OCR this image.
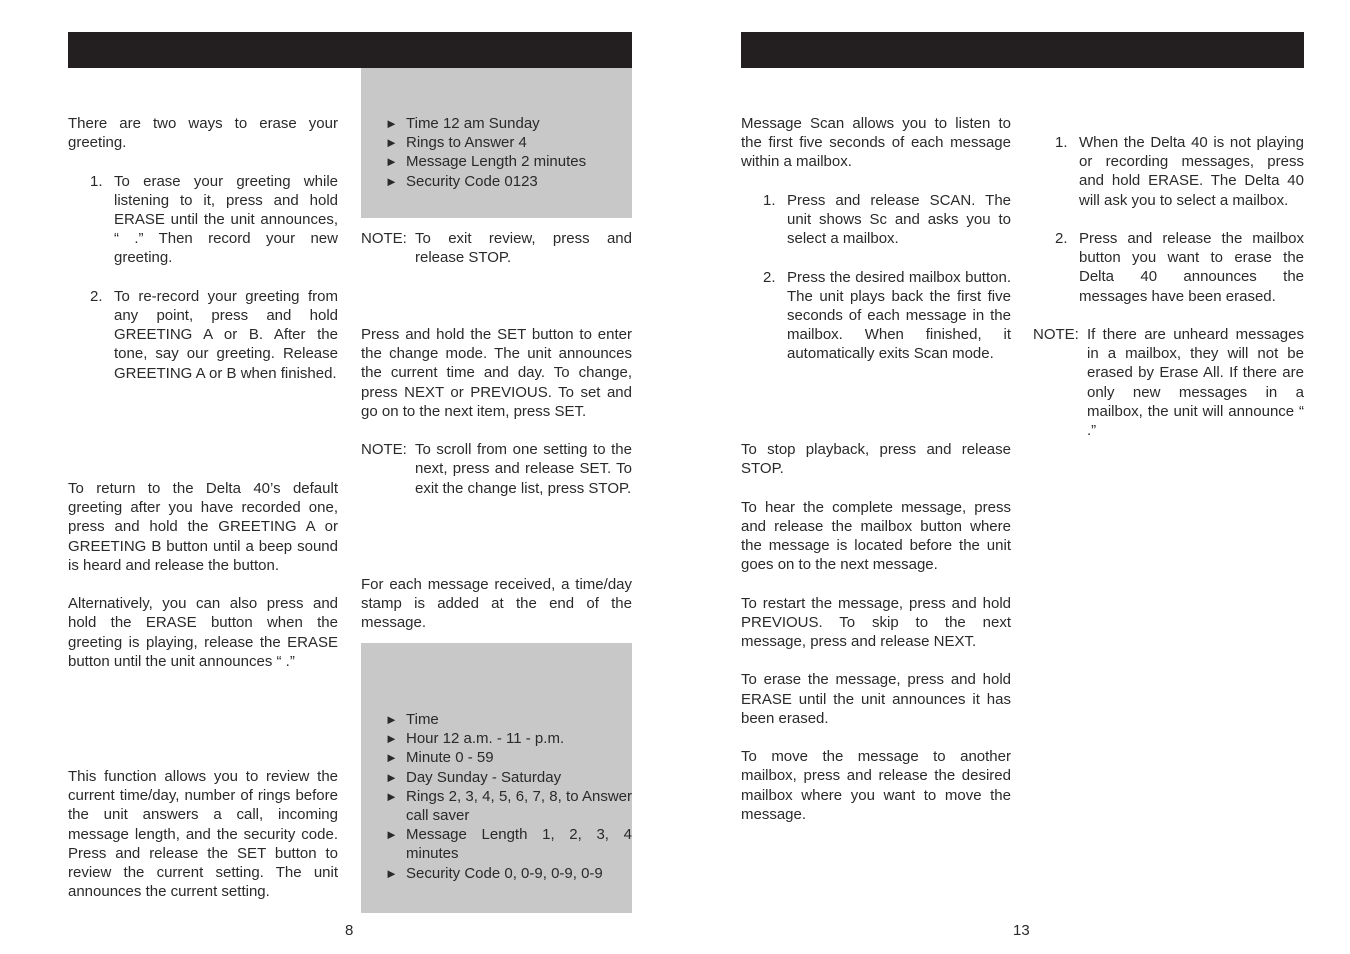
There are two ways to erase your greeting.

1. To erase your greeting while listening to it, press and hold ERASE until the unit announces, “ .” Then record your new greeting.
2. To re-record your greeting from any point, press and hold GREETING A or B. After the tone, say our greeting. Release GREETING A or B when finished.

To return to the Delta 40’s default greeting after you have recorded one, press and hold the GREETING A or GREETING B button until a beep sound is heard and release the button.

Alternatively, you can also press and hold the ERASE button when the greeting is playing, release the ERASE button until the unit announces “ .”

This function allows you to review the current time/day, number of rings before the unit answers a call, incoming message length, and the security code. Press and release the SET button to review the current setting. The unit announces the current setting.

► Time 12 am Sunday
► Rings to Answer 4
► Message Length 2 minutes
► Security Code 0123
NOTE: To exit review, press and release STOP.

Press and hold the SET button to enter the change mode. The unit announces the current time and day. To change, press NEXT or PREVIOUS. To set and go on to the next item, press SET.

NOTE: To scroll from one setting to the next, press and release SET. To exit the change list, press STOP.

For each message received, a time/day stamp is added at the end of the message.

► Time
► Hour 12 a.m. - 11 - p.m.
► Minute 0 - 59
► Day Sunday - Saturday
► Rings 2, 3, 4, 5, 6, 7, 8, to Answer call saver
► Message Length 1, 2, 3, 4 minutes
► Security Code 0, 0-9, 0-9, 0-9
8

Message Scan allows you to listen to the first five seconds of each message within a mailbox.

1. Press and release SCAN. The unit shows Sc and asks you to select a mailbox.
2. Press the desired mailbox button. The unit plays back the first five seconds of each message in the mailbox. When finished, it automatically exits Scan mode.

To stop playback, press and release STOP.

To hear the complete message, press and release the mailbox button where the message is located before the unit goes on to the next message.

To restart the message, press and hold PREVIOUS. To skip to the next message, press and release NEXT.

To erase the message, press and hold ERASE until the unit announces it has been erased.

To move the message to another mailbox, press and release the desired mailbox where you want to move the message.

1. When the Delta 40 is not playing or recording messages, press and hold ERASE. The Delta 40 will ask you to select a mailbox.
2. Press and release the mailbox button you want to erase the Delta 40 announces the messages have been erased.
NOTE: If there are unheard messages in a mailbox, they will not be erased by Erase All. If there are only new messages in a mailbox, the unit will announce “ .”
13
